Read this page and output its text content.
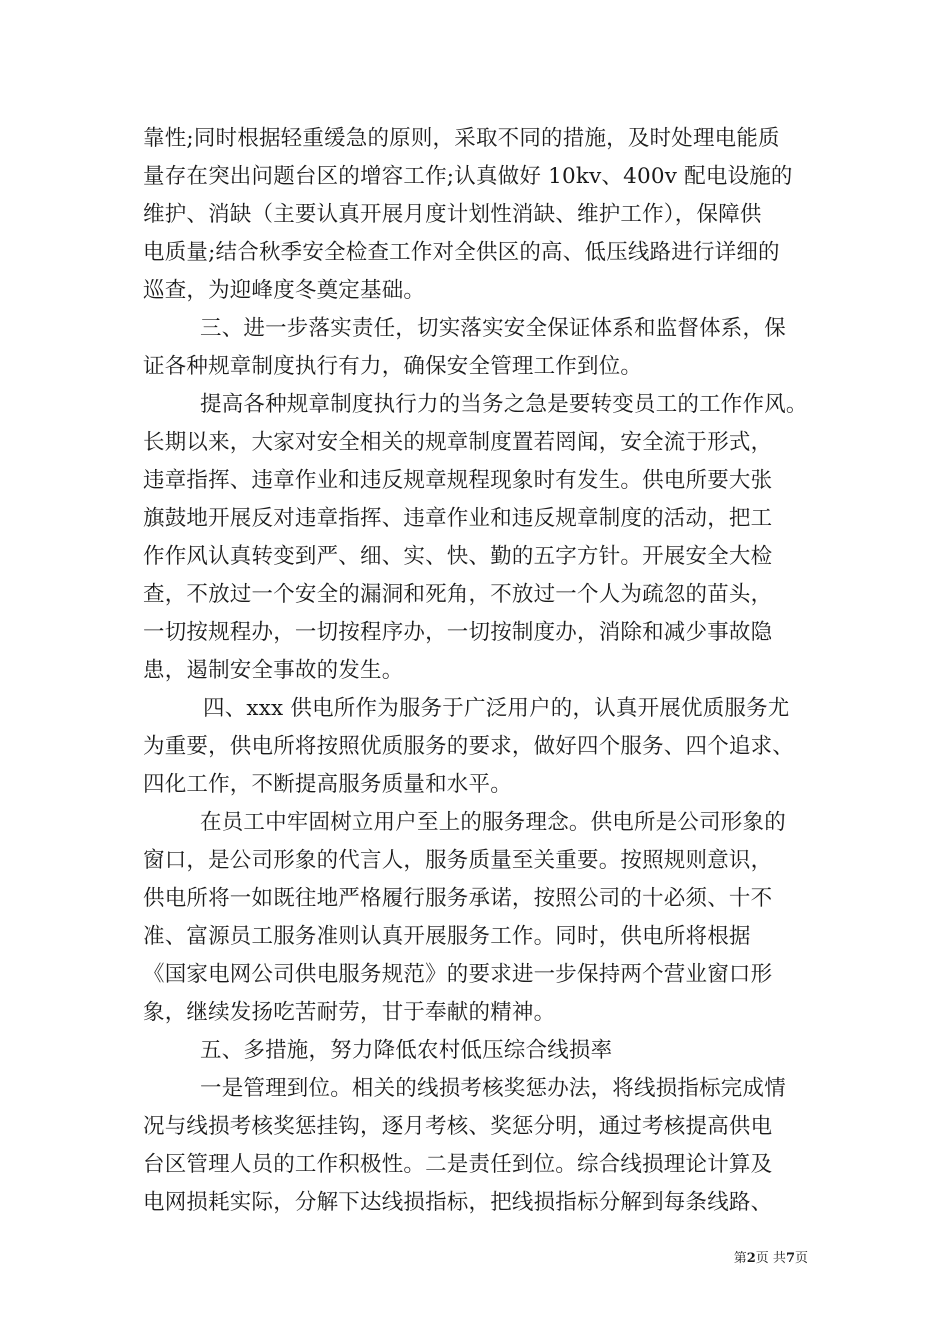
靠性;同时根据轻重缓急的原则，采取不同的措施，及时处理电能质
量存在突出问题台区的增容工作;认真做好 10kv、400v 配电设施的
维护、消缺（主要认真开展月度计划性消缺、维护工作），保障供
电质量;结合秋季安全检查工作对全供区的高、低压线路进行详细的
巡查，为迎峰度冬奠定基础。
三、进一步落实责任，切实落实安全保证体系和监督体系，保
证各种规章制度执行有力，确保安全管理工作到位。
提高各种规章制度执行力的当务之急是要转变员工的工作作风。
长期以来，大家对安全相关的规章制度置若罔闻，安全流于形式，
违章指挥、违章作业和违反规章规程现象时有发生。供电所要大张
旗鼓地开展反对违章指挥、违章作业和违反规章制度的活动，把工
作作风认真转变到严、细、实、快、勤的五字方针。开展安全大检
查，不放过一个安全的漏洞和死角，不放过一个人为疏忽的苗头，
一切按规程办，一切按程序办，一切按制度办，消除和减少事故隐
患，遏制安全事故的发生。
四、xxx 供电所作为服务于广泛用户的，认真开展优质服务尤
为重要，供电所将按照优质服务的要求，做好四个服务、四个追求、
四化工作，不断提高服务质量和水平。
在员工中牢固树立用户至上的服务理念。供电所是公司形象的
窗口，是公司形象的代言人，服务质量至关重要。按照规则意识，
供电所将一如既往地严格履行服务承诺，按照公司的十必须、十不
准、富源员工服务准则认真开展服务工作。同时，供电所将根据
《国家电网公司供电服务规范》的要求进一步保持两个营业窗口形
象，继续发扬吃苦耐劳，甘于奉献的精神。
五、多措施，努力降低农村低压综合线损率
一是管理到位。相关的线损考核奖惩办法，将线损指标完成情
况与线损考核奖惩挂钩，逐月考核、奖惩分明，通过考核提高供电
台区管理人员的工作积极性。二是责任到位。综合线损理论计算及
电网损耗实际，分解下达线损指标，把线损指标分解到每条线路、
第2页 共7页
